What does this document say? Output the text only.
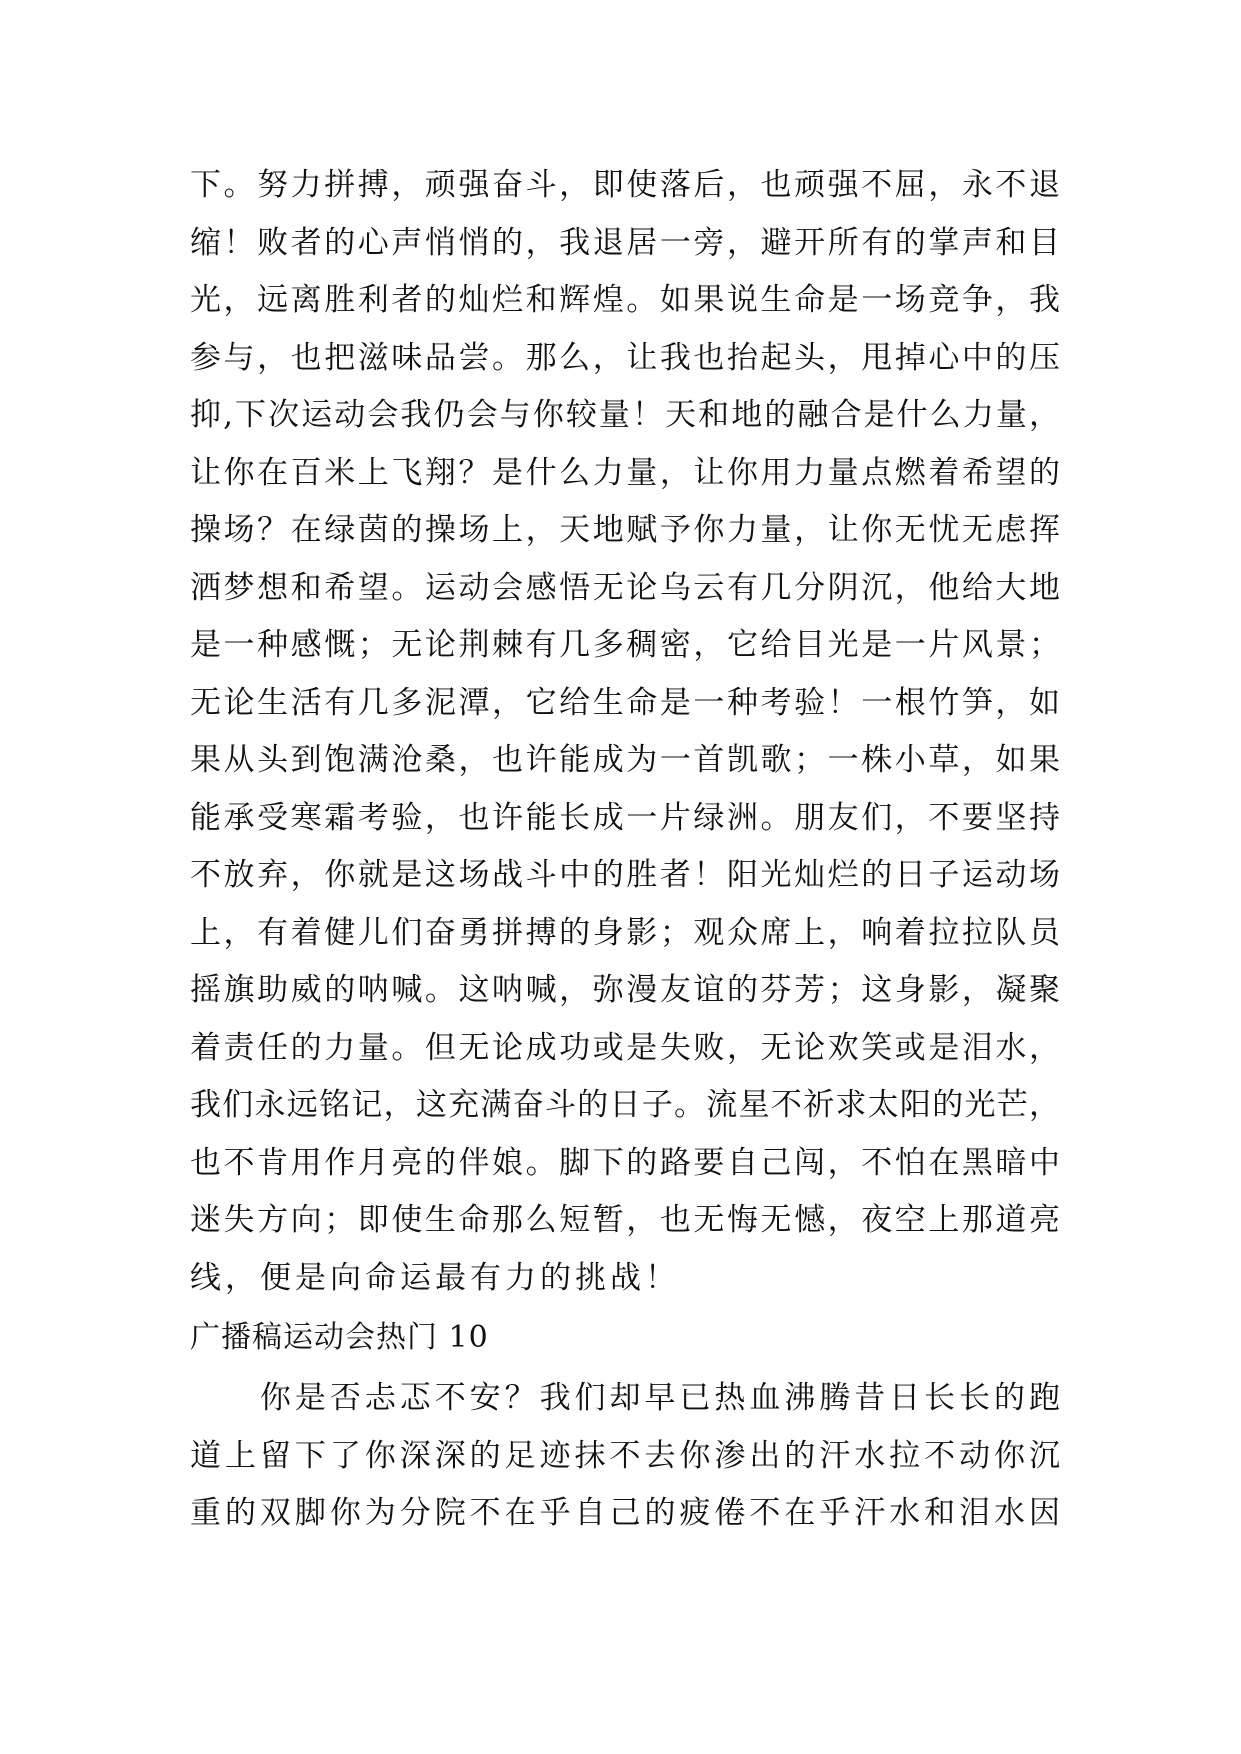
下。努力拼搏，顽强奋斗，即使落后，也顽强不屈，永不退
缩！败者的心声悄悄的，我退居一旁，避开所有的掌声和目
光，远离胜利者的灿烂和辉煌。如果说生命是一场竞争，我
参与，也把滋味品尝。那么，让我也抬起头，甩掉心中的压
抑,下次运动会我仍会与你较量！天和地的融合是什么力量，
让你在百米上飞翔？是什么力量，让你用力量点燃着希望的
操场？在绿茵的操场上，天地赋予你力量，让你无忧无虑挥
洒梦想和希望。运动会感悟无论乌云有几分阴沉，他给大地
是一种感慨；无论荆棘有几多稠密，它给目光是一片风景；
无论生活有几多泥潭，它给生命是一种考验！一根竹笋，如
果从头到饱满沧桑，也许能成为一首凯歌；一株小草，如果
能承受寒霜考验，也许能长成一片绿洲。朋友们，不要坚持
不放弃，你就是这场战斗中的胜者！阳光灿烂的日子运动场
上，有着健儿们奋勇拼搏的身影；观众席上，响着拉拉队员
摇旗助威的呐喊。这呐喊，弥漫友谊的芬芳；这身影，凝聚
着责任的力量。但无论成功或是失败，无论欢笑或是泪水，
我们永远铭记，这充满奋斗的日子。流星不祈求太阳的光芒，
也不肯用作月亮的伴娘。脚下的路要自己闯，不怕在黑暗中
迷失方向；即使生命那么短暂，也无悔无憾，夜空上那道亮
线，便是向命运最有力的挑战！
广播稿运动会热门 10
　　你是否忐忑不安？我们却早已热血沸腾昔日长长的跑
道上留下了你深深的足迹抹不去你渗出的汗水拉不动你沉
重的双脚你为分院不在乎自己的疲倦不在乎汗水和泪水因
